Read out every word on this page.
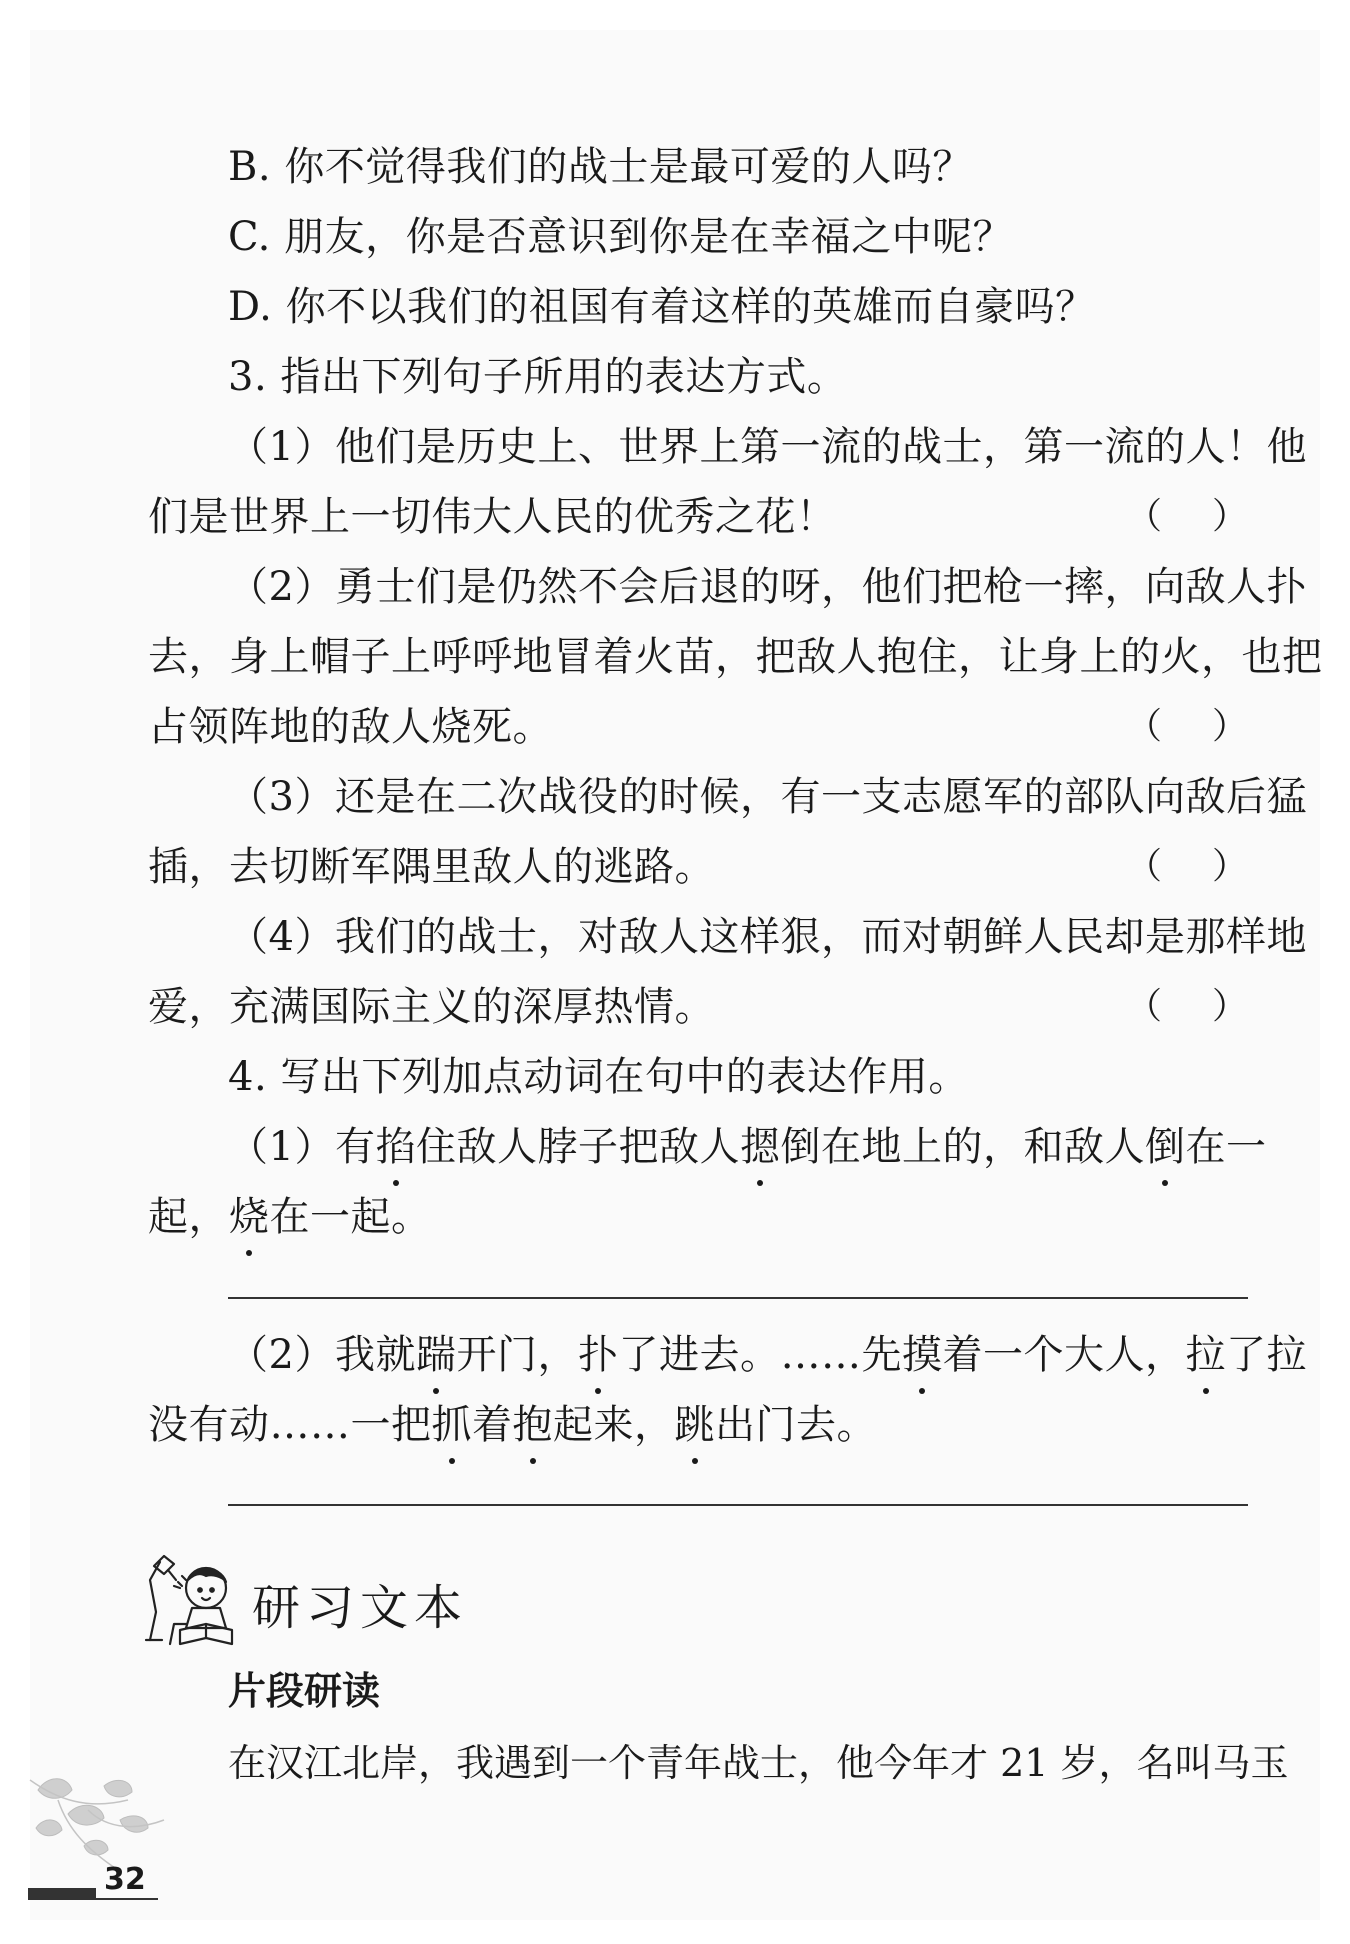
B. 你不觉得我们的战士是最可爱的人吗？
C. 朋友，你是否意识到你是在幸福之中呢？
D. 你不以我们的祖国有着这样的英雄而自豪吗？
3. 指出下列句子所用的表达方式。
（1）他们是历史上、世界上第一流的战士，第一流的人！他
们是世界上一切伟大人民的优秀之花！	（ ）
（2）勇士们是仍然不会后退的呀，他们把枪一摔，向敌人扑
去，身上帽子上呼呼地冒着火苗，把敌人抱住，让身上的火，也把
占领阵地的敌人烧死。	（ ）
（3）还是在二次战役的时候，有一支志愿军的部队向敌后猛
插，去切断军隅里敌人的逃路。	（ ）
（4）我们的战士，对敌人这样狠，而对朝鲜人民却是那样地
爱，充满国际主义的深厚热情。	（ ）
4. 写出下列加点动词在句中的表达作用。
（1）有掐住敌人脖子把敌人摁倒在地上的，和敌人倒在一
起，烧在一起。
（2）我就踹开门，扑了进去。……先摸着一个大人，拉了拉
没有动……一把抓着抱起来，跳出门去。
研习文本
片段研读
在汉江北岸，我遇到一个青年战士，他今年才 21 岁，名叫马玉
32
